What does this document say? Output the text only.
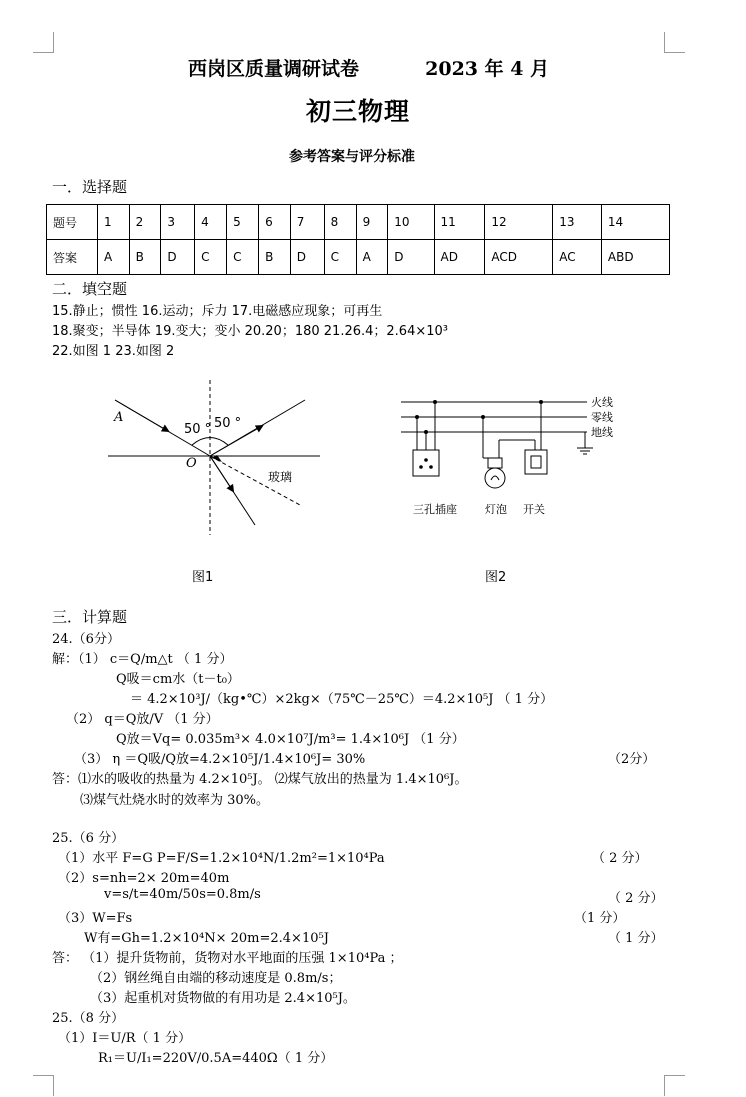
西岗区质量调研试卷          2023 年 4 月
初三物理
参考答案与评分标准
一．选择题
题号	1	2	3	4	5	6	7	8	9	10	11	12	13	14
答案	A	B	D	C	C	B	D	C	A	D	AD	ACD	AC	ABD
二．填空题
15.静止；惯性 16.运动；斥力 17.电磁感应现象；可再生
18.聚变；半导体 19.变大；变小 20.20；180 21.26.4；2.64×10³
22.如图 1 23.如图 2
A
O
50 ° 50 °
玻璃
图1
火线
零线
地线
三孔插座	灯泡 开关
图2
三．计算题
24.（6分）
解：（1） c＝Q/m△t （ 1 分）
Q吸＝cm水（t－t₀）
＝ 4.2×10³J/（kg•℃）×2kg×（75℃－25℃）＝4.2×10⁵J （ 1 分）
（2） q＝Q放/V （1 分）
Q放＝Vq= 0.035m³× 4.0×10⁷J/m³= 1.4×10⁶J （1 分）
（3） η ＝Q吸/Q放=4.2×10⁵J/1.4×10⁶J= 30%	（2分）
答：⑴水的吸收的热量为 4.2×10⁵J。 ⑵煤气放出的热量为 1.4×10⁶J。
⑶煤气灶烧水时的效率为 30%。
25.（6 分）
（1）水平 F=G P=F/S=1.2×10⁴N/1.2m²=1×10⁴Pa	（ 2 分）
（2）s=nh=2× 20m=40m
v=s/t=40m/50s=0.8m/s	（ 2 分）
（3）W=Fs	（1 分）
W有=Gh=1.2×10⁴N× 20m=2.4×10⁵J	（ 1 分）
答： （1）提升货物前，货物对水平地面的压强 1×10⁴Pa ；
（2）钢丝绳自由端的移动速度是 0.8m/s；
（3）起重机对货物做的有用功是 2.4×10⁵J。
25.（8 分）
（1）I＝U/R（ 1 分）
R₁＝U/I₁=220V/0.5A=440Ω（ 1 分）
